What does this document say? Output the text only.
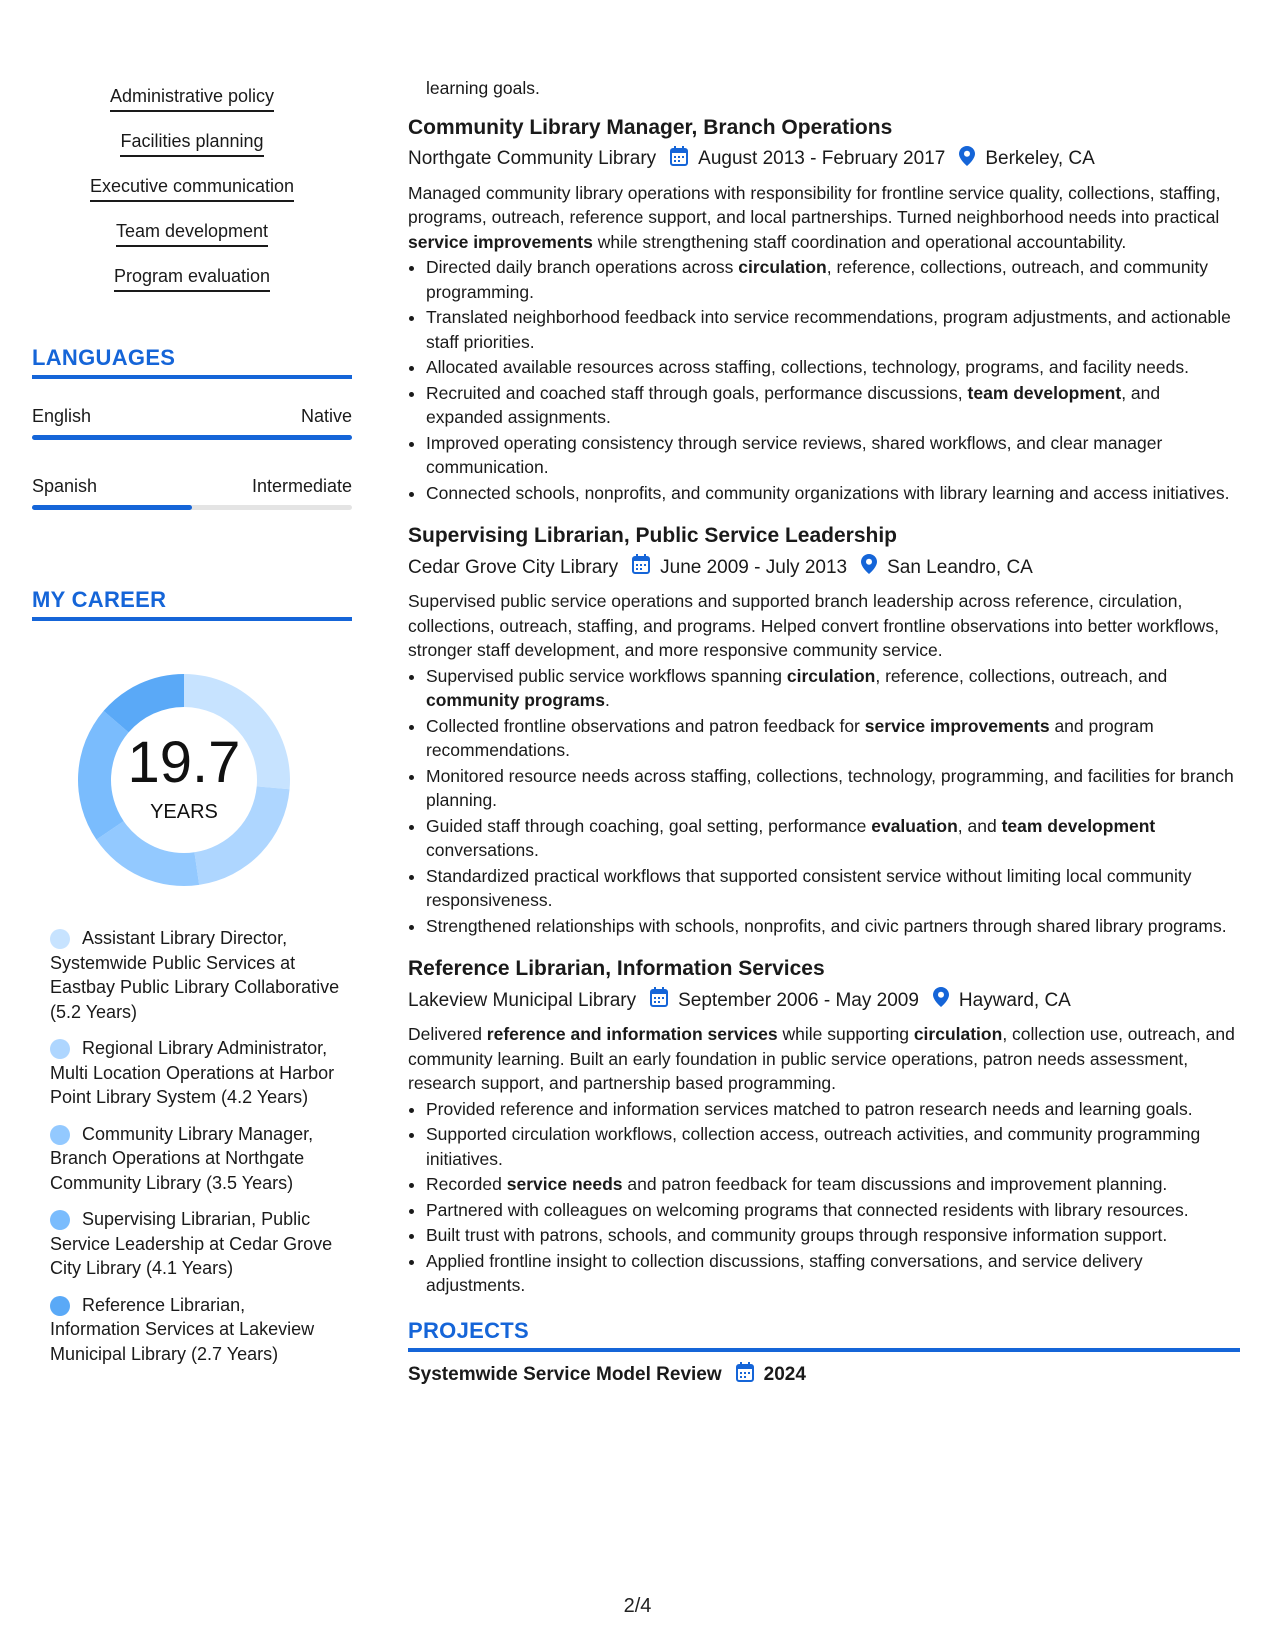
Administrative policy
Facilities planning
Executive communication
Team development
Program evaluation
LANGUAGES
English	Native
Spanish	Intermediate
MY CAREER
19.7
YEARS
Assistant Library Director, Systemwide Public Services at Eastbay Public Library Collaborative (5.2 Years)
Regional Library Administrator, Multi Location Operations at Harbor Point Library System (4.2 Years)
Community Library Manager, Branch Operations at Northgate Community Library (3.5 Years)
Supervising Librarian, Public Service Leadership at Cedar Grove City Library (4.1 Years)
Reference Librarian, Information Services at Lakeview Municipal Library (2.7 Years)
learning goals.
Community Library Manager, Branch Operations
Northgate Community Library August 2013 - February 2017 Berkeley, CA
Managed community library operations with responsibility for frontline service quality, collections, staffing, programs, outreach, reference support, and local partnerships. Turned neighborhood needs into practical service improvements while strengthening staff coordination and operational accountability.
• Directed daily branch operations across circulation, reference, collections, outreach, and community programming.
• Translated neighborhood feedback into service recommendations, program adjustments, and actionable staff priorities.
• Allocated available resources across staffing, collections, technology, programs, and facility needs.
• Recruited and coached staff through goals, performance discussions, team development, and expanded assignments.
• Improved operating consistency through service reviews, shared workflows, and clear manager communication.
• Connected schools, nonprofits, and community organizations with library learning and access initiatives.
Supervising Librarian, Public Service Leadership
Cedar Grove City Library June 2009 - July 2013 San Leandro, CA
Supervised public service operations and supported branch leadership across reference, circulation, collections, outreach, staffing, and programs. Helped convert frontline observations into better workflows, stronger staff development, and more responsive community service.
• Supervised public service workflows spanning circulation, reference, collections, outreach, and community programs.
• Collected frontline observations and patron feedback for service improvements and program recommendations.
• Monitored resource needs across staffing, collections, technology, programming, and facilities for branch planning.
• Guided staff through coaching, goal setting, performance evaluation, and team development conversations.
• Standardized practical workflows that supported consistent service without limiting local community responsiveness.
• Strengthened relationships with schools, nonprofits, and civic partners through shared library programs.
Reference Librarian, Information Services
Lakeview Municipal Library September 2006 - May 2009 Hayward, CA
Delivered reference and information services while supporting circulation, collection use, outreach, and community learning. Built an early foundation in public service operations, patron needs assessment, research support, and partnership based programming.
• Provided reference and information services matched to patron research needs and learning goals.
• Supported circulation workflows, collection access, outreach activities, and community programming initiatives.
• Recorded service needs and patron feedback for team discussions and improvement planning.
• Partnered with colleagues on welcoming programs that connected residents with library resources.
• Built trust with patrons, schools, and community groups through responsive information support.
• Applied frontline insight to collection discussions, staffing conversations, and service delivery adjustments.
PROJECTS
Systemwide Service Model Review 2024
2/4
